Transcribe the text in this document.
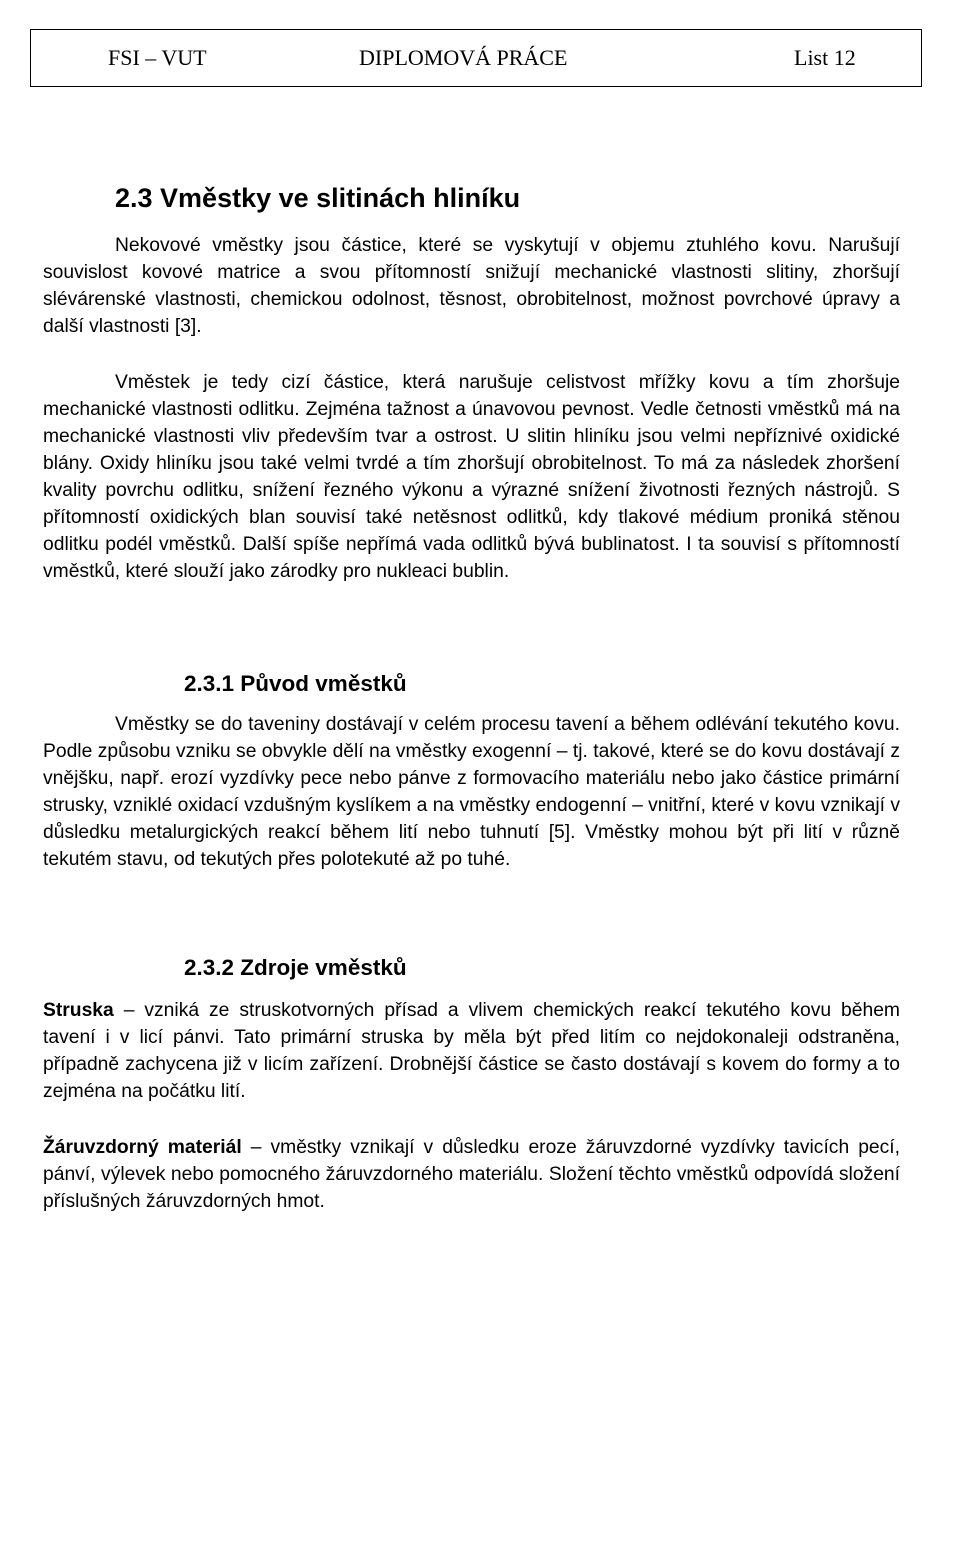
FSI – VUT	DIPLOMOVÁ PRÁCE	List 12
2.3 Vměstky ve slitinách hliníku

Nekovové vměstky jsou částice, které se vyskytují v objemu ztuhlého kovu. Narušují souvislost kovové matrice a svou přítomností snižují mechanické vlastnosti slitiny, zhoršují slévárenské vlastnosti, chemickou odolnost, těsnost, obrobitelnost, možnost povrchové úpravy a další vlastnosti [3].

Vměstek je tedy cizí částice, která narušuje celistvost mřížky kovu a tím zhoršuje mechanické vlastnosti odlitku. Zejména tažnost a únavovou pevnost. Vedle četnosti vměstků má na mechanické vlastnosti vliv především tvar a ostrost. U slitin hliníku jsou velmi nepříznivé oxidické blány. Oxidy hliníku jsou také velmi tvrdé a tím zhoršují obrobitelnost. To má za následek zhoršení kvality povrchu odlitku, snížení řezného výkonu a výrazné snížení životnosti řezných nástrojů. S přítomností oxidických blan souvisí také netěsnost odlitků, kdy tlakové médium proniká stěnou odlitku podél vměstků. Další spíše nepřímá vada odlitků bývá bublinatost. I ta souvisí s přítomností vměstků, které slouží jako zárodky pro nukleaci bublin.

2.3.1 Původ vměstků

Vměstky se do taveniny dostávají v celém procesu tavení a během odlévání tekutého kovu. Podle způsobu vzniku se obvykle dělí na vměstky exogenní – tj. takové, které se do kovu dostávají z vnějšku, např. erozí vyzdívky pece nebo pánve z formovacího materiálu nebo jako částice primární strusky, vzniklé oxidací vzdušným kyslíkem a na vměstky endogenní – vnitřní, které v kovu vznikají v důsledku metalurgických reakcí během lití nebo tuhnutí [5]. Vměstky mohou být při lití v různě tekutém stavu, od tekutých přes polotekuté až po tuhé.

2.3.2 Zdroje vměstků

Struska – vzniká ze struskotvorných přísad a vlivem chemických reakcí tekutého kovu během tavení i v licí pánvi. Tato primární struska by měla být před litím co nejdokonaleji odstraněna, případně zachycena již v licím zařízení. Drobnější částice se často dostávají s kovem do formy a to zejména na počátku lití.

Žáruvzdorný materiál – vměstky vznikají v důsledku eroze žáruvzdorné vyzdívky tavicích pecí, pánví, výlevek nebo pomocného žáruvzdorného materiálu. Složení těchto vměstků odpovídá složení příslušných žáruvzdorných hmot.
